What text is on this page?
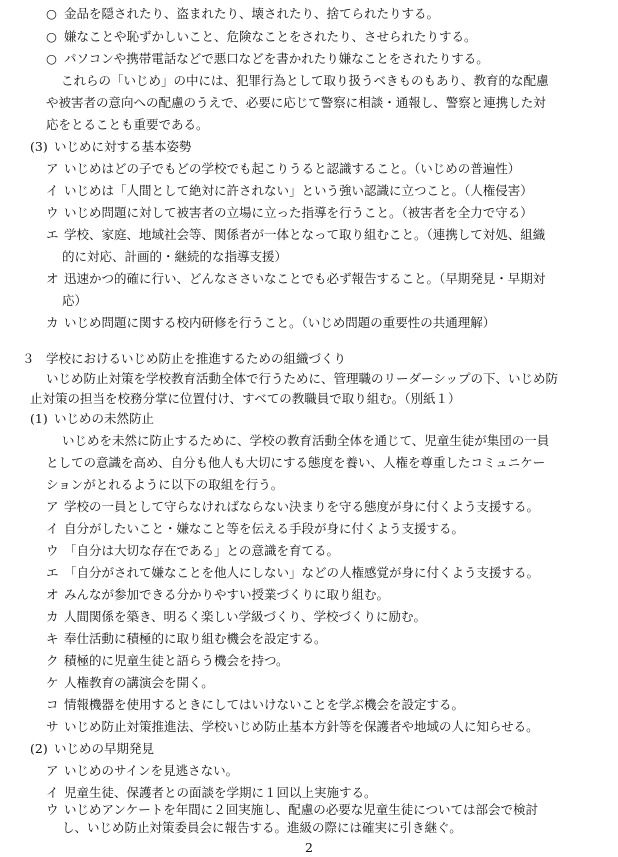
○ 金品を隠されたり、盗まれたり、壊されたり、捨てられたりする。
○ 嫌なことや恥ずかしいこと、危険なことをされたり、させられたりする。
○ パソコンや携帯電話などで悪口などを書かれたり嫌なことをされたりする。
これらの「いじめ」の中には、犯罪行為として取り扱うべきものもあり、教育的な配慮
や被害者の意向への配慮のうえで、必要に応じて警察に相談・通報し、警察と連携した対
応をとることも重要である。
(3) いじめに対する基本姿勢
ア いじめはどの子でもどの学校でも起こりうると認識すること。（いじめの普遍性）
イ いじめは「人間として絶対に許されない」という強い認識に立つこと。（人権侵害）
ウ いじめ問題に対して被害者の立場に立った指導を行うこと。（被害者を全力で守る）
エ 学校、家庭、地域社会等、関係者が一体となって取り組むこと。（連携して対処、組織
的に対応、計画的・継続的な指導支援）
オ 迅速かつ的確に行い、どんなささいなことでも必ず報告すること。（早期発見・早期対
応）
カ いじめ問題に関する校内研修を行うこと。（いじめ問題の重要性の共通理解）
３ 学校におけるいじめ防止を推進するための組織づくり
いじめ防止対策を学校教育活動全体で行うために、管理職のリーダーシップの下、いじめ防
止対策の担当を校務分掌に位置付け、すべての教職員で取り組む。（別紙１）
(1) いじめの未然防止
いじめを未然に防止するために、学校の教育活動全体を通じて、児童生徒が集団の一員
としての意識を高め、自分も他人も大切にする態度を養い、人権を尊重したコミュニケー
ションがとれるように以下の取組を行う。
ア 学校の一員として守らなければならない決まりを守る態度が身に付くよう支援する。
イ 自分がしたいこと・嫌なこと等を伝える手段が身に付くよう支援する。
ウ 「自分は大切な存在である」との意識を育てる。
エ 「自分がされて嫌なことを他人にしない」などの人権感覚が身に付くよう支援する。
オ みんなが参加できる分かりやすい授業づくりに取り組む。
カ 人間関係を築き、明るく楽しい学級づくり、学校づくりに励む。
キ 奉仕活動に積極的に取り組む機会を設定する。
ク 積極的に児童生徒と語らう機会を持つ。
ケ 人権教育の講演会を開く。
コ 情報機器を使用するときにしてはいけないことを学ぶ機会を設定する。
サ いじめ防止対策推進法、学校いじめ防止基本方針等を保護者や地域の人に知らせる。
(2) いじめの早期発見
ア いじめのサインを見逃さない。
イ 児童生徒、保護者との面談を学期に１回以上実施する。
ウ いじめアンケートを年間に２回実施し、配慮の必要な児童生徒については部会で検討
し、いじめ防止対策委員会に報告する。進級の際には確実に引き継ぐ。
2
